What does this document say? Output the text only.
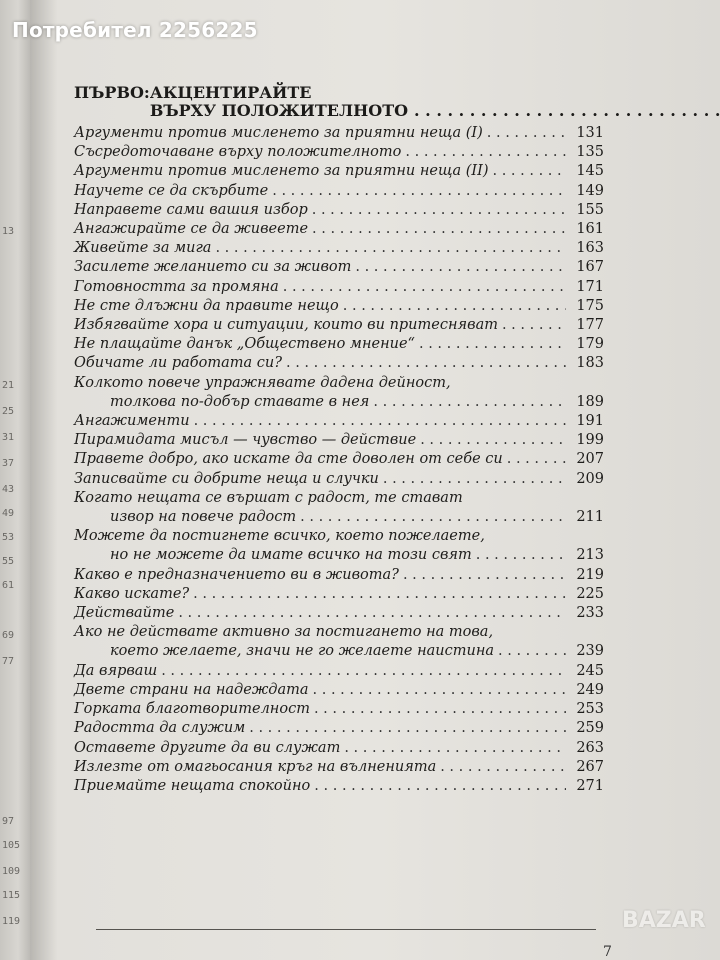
13
21
25
31
37
43
49
53
55
61
69
77
97
105
109
115
119
Потребител 2256225
ПЪРВО: АКЦЕНТИРАЙТЕ
ВЪРХУ ПОЛОЖИТЕЛНОТО
. . .
Аргументи против мисленето за приятни неща (I) . . .	131
Съсредоточаване върху положителното . . .	135
Аргументи против мисленето за приятни неща (II) . . .	145
Научете се да скърбите . . .	149
Направете сами вашия избор . . .	155
Ангажирайте се да живеете . . .	161
Живейте за мига . . .	163
Засилете желанието си за живот . . .	167
Готовността за промяна . . .	171
Не сте длъжни да правите нещо . . .	175
Избягвайте хора и ситуации, които ви притесняват . . .	177
Не плащайте данък „Обществено мнение“ . . .	179
Обичате ли работата си? . . .	183
Колкото повече упражнявате дадена дейност,
толкова по-добър ставате в нея . . .	189
Ангажименти . . .	191
Пирамидата мисъл — чувство — действие . . .	199
Правете добро, ако искате да сте доволен от себе си . . .	207
Записвайте си добрите неща и случки . . .	209
Когато нещата се вършат с радост, те стават
извор на повече радост . . .	211
Можете да постигнете всичко, което пожелаете,
но не можете да имате всичко на този свят . . .	213
Какво е предназначението ви в живота? . . .	219
Какво искате? . . .	225
Действайте . . .	233
Ако не действате активно за постигането на това,
което желаете, значи не го желаете наистина . . .	239
Да вярваш . . .	245
Двете страни на надеждата . . .	249
Горката благотворителност . . .	253
Радостта да служим . . .	259
Оставете другите да ви служат . . .	263
Излезте от омагьосания кръг на вълненията . . .	267
Приемайте нещата спокойно . . .	271
7
BAZAR
